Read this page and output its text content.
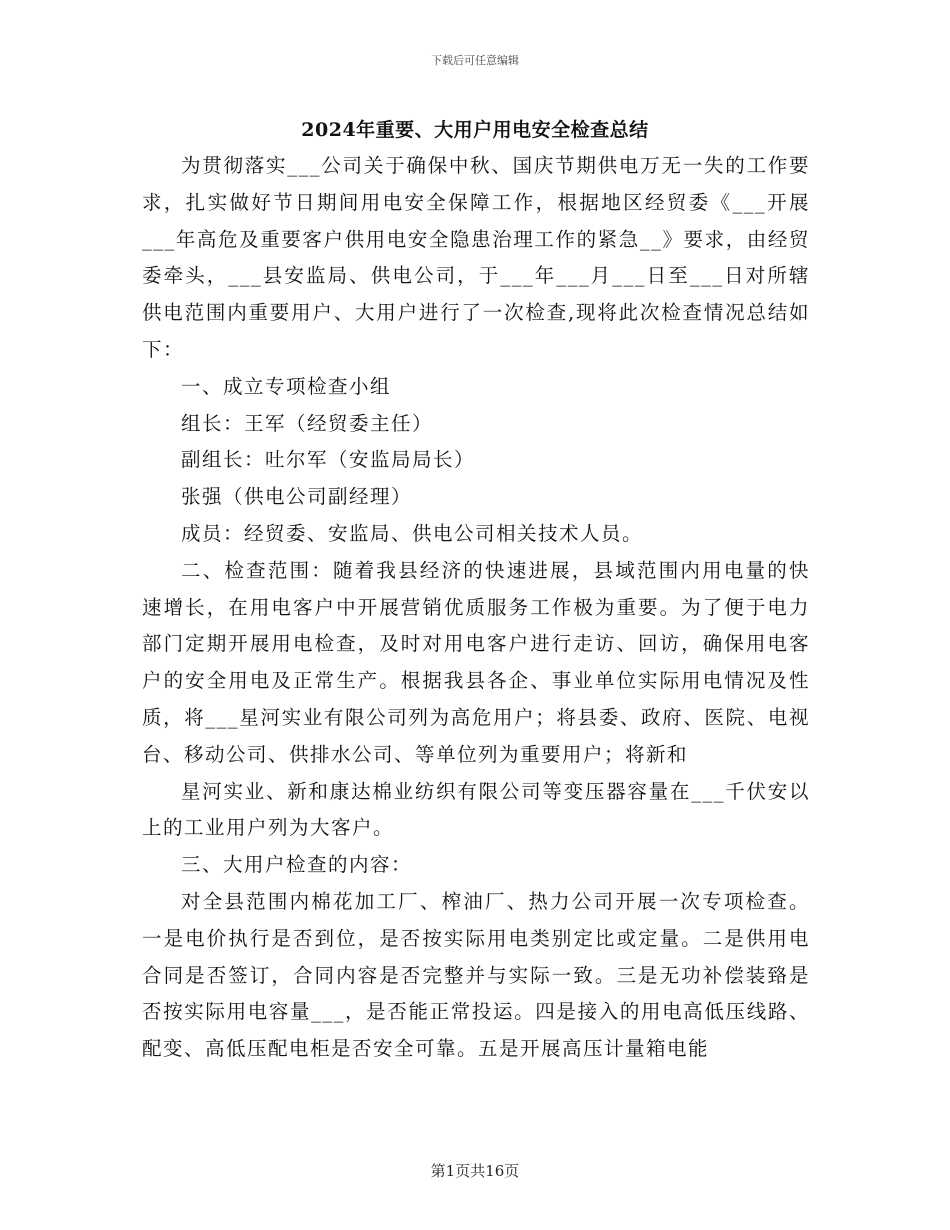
下载后可任意编辑
2024年重要、大用户用电安全检查总结

为贯彻落实___公司关于确保中秋、国庆节期供电万无一失的工作要求，扎实做好节日期间用电安全保障工作，根据地区经贸委《___开展___年高危及重要客户供用电安全隐患治理工作的紧急__》要求，由经贸委牵头，___县安监局、供电公司，于___年___月___日至___日对所辖供电范围内重要用户、大用户进行了一次检查,现将此次检查情况总结如下：

一、成立专项检查小组

组长：王军（经贸委主任）

副组长：吐尔军（安监局局长）

张强（供电公司副经理）

成员：经贸委、安监局、供电公司相关技术人员。

二、检查范围：随着我县经济的快速进展，县域范围内用电量的快速增长，在用电客户中开展营销优质服务工作极为重要。为了便于电力部门定期开展用电检查，及时对用电客户进行走访、回访，确保用电客户的安全用电及正常生产。根据我县各企、事业单位实际用电情况及性质，将___星河实业有限公司列为高危用户；将县委、政府、医院、电视台、移动公司、供排水公司、等单位列为重要用户；将新和

星河实业、新和康达棉业纺织有限公司等变压器容量在___千伏安以上的工业用户列为大客户。

三、大用户检查的内容：

对全县范围内棉花加工厂、榨油厂、热力公司开展一次专项检查。一是电价执行是否到位，是否按实际用电类别定比或定量。二是供用电合同是否签订，合同内容是否完整并与实际一致。三是无功补偿装臵是否按实际用电容量___，是否能正常投运。四是接入的用电高低压线路、配变、高低压配电柜是否安全可靠。五是开展高压计量箱电能

第1页共16页
